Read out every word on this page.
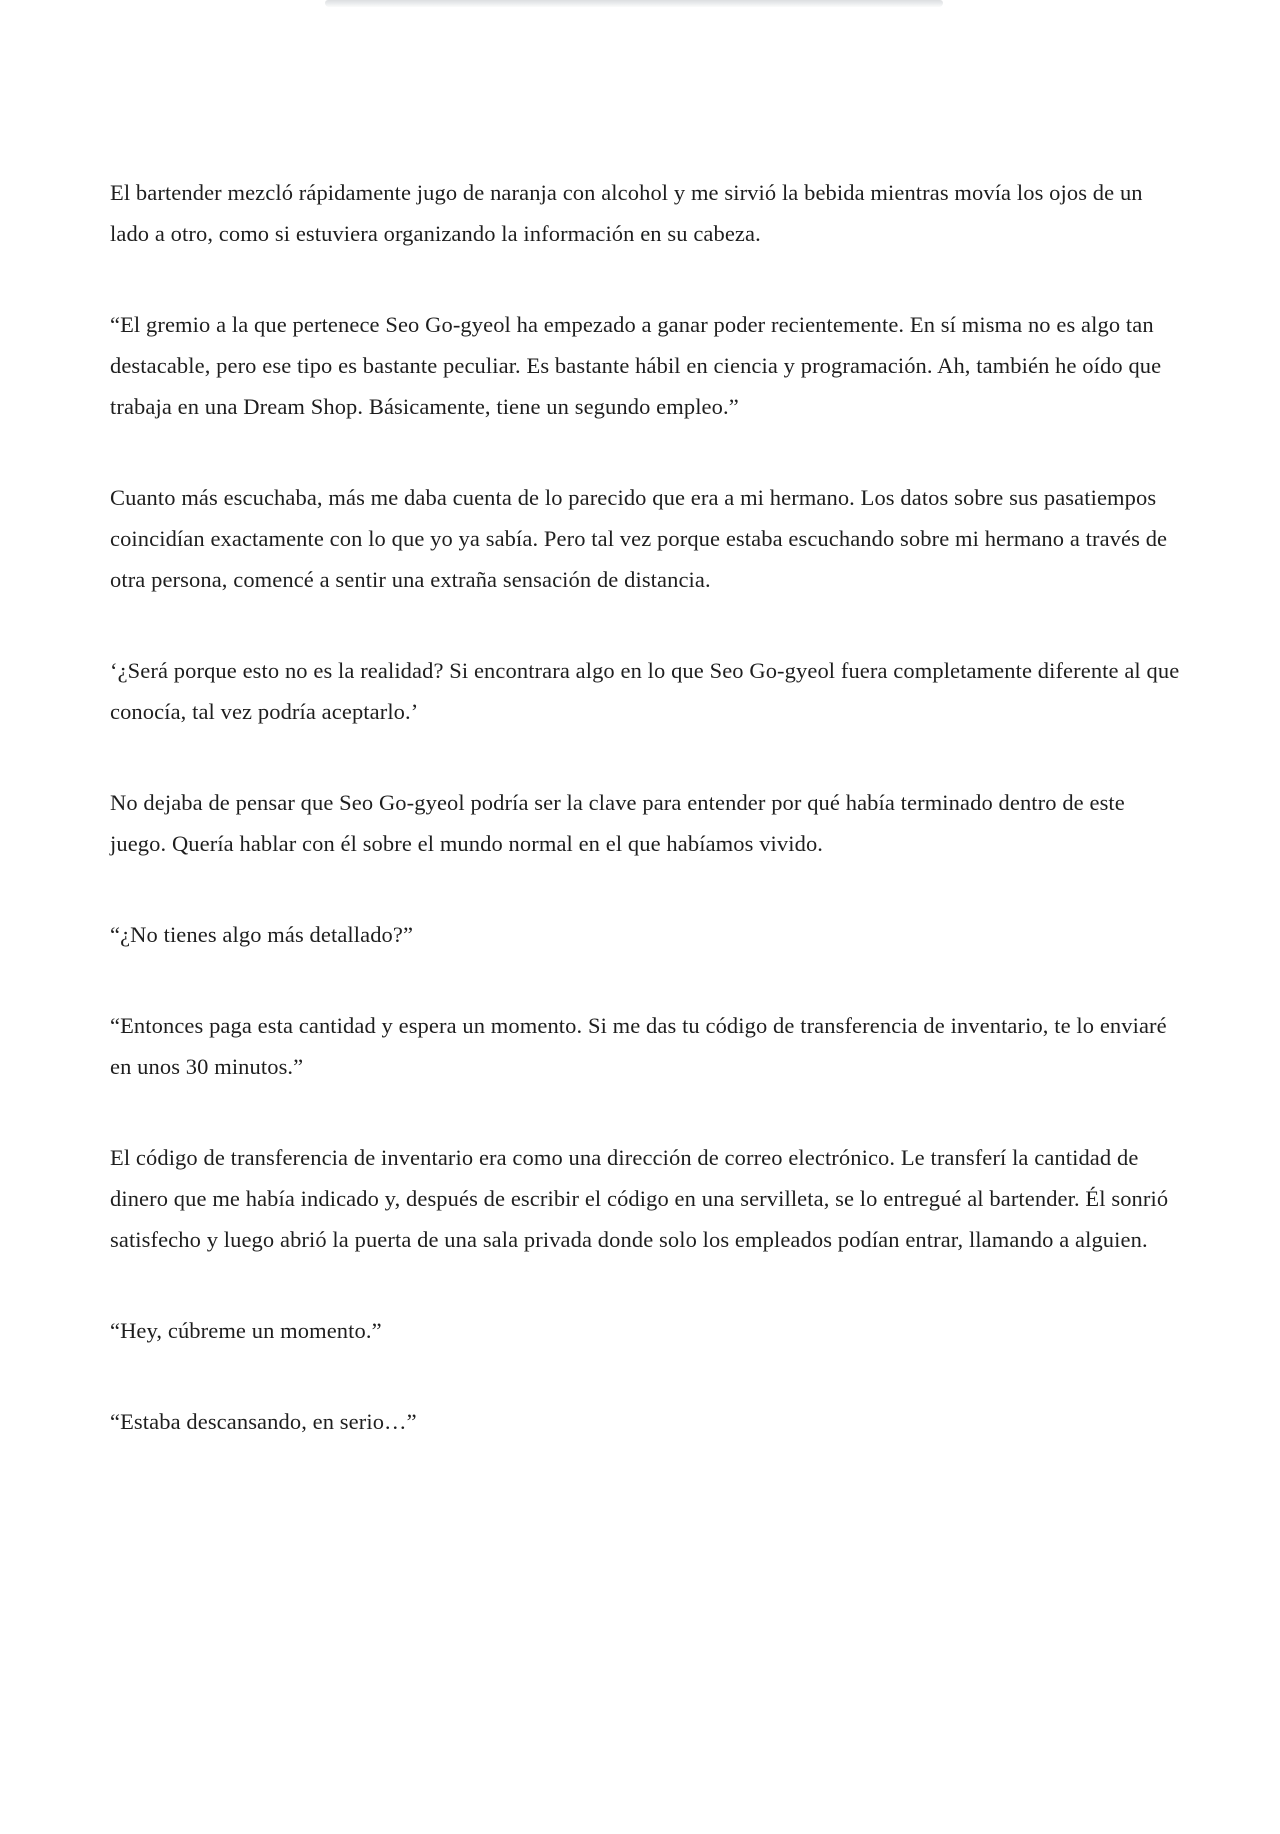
El bartender mezcló rápidamente jugo de naranja con alcohol y me sirvió la bebida mientras movía los ojos de un lado a otro, como si estuviera organizando la información en su cabeza.

“El gremio a la que pertenece Seo Go-gyeol ha empezado a ganar poder recientemente. En sí misma no es algo tan destacable, pero ese tipo es bastante peculiar. Es bastante hábil en ciencia y programación. Ah, también he oído que trabaja en una Dream Shop. Básicamente, tiene un segundo empleo.”

Cuanto más escuchaba, más me daba cuenta de lo parecido que era a mi hermano. Los datos sobre sus pasatiempos coincidían exactamente con lo que yo ya sabía. Pero tal vez porque estaba escuchando sobre mi hermano a través de otra persona, comencé a sentir una extraña sensación de distancia.

‘¿Será porque esto no es la realidad? Si encontrara algo en lo que Seo Go-gyeol fuera completamente diferente al que conocía, tal vez podría aceptarlo.’

No dejaba de pensar que Seo Go-gyeol podría ser la clave para entender por qué había terminado dentro de este juego. Quería hablar con él sobre el mundo normal en el que habíamos vivido.

“¿No tienes algo más detallado?”

“Entonces paga esta cantidad y espera un momento. Si me das tu código de transferencia de inventario, te lo enviaré en unos 30 minutos.”

El código de transferencia de inventario era como una dirección de correo electrónico. Le transferí la cantidad de dinero que me había indicado y, después de escribir el código en una servilleta, se lo entregué al bartender. Él sonrió satisfecho y luego abrió la puerta de una sala privada donde solo los empleados podían entrar, llamando a alguien.

“Hey, cúbreme un momento.”

“Estaba descansando, en serio…”
